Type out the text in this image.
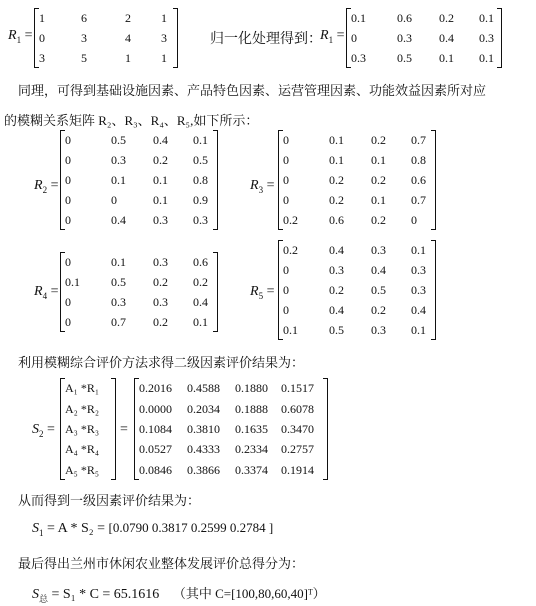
$R_1$ =
1	6	2	1
0	3	4	3
3	5	1	1
归一化处理得到：
$R_1$ =
0.1	0.6 0.2 0.1
0	0.3 0.4 0.3
0.3	0.5 0.1 0.1
同理，可得到基础设施因素、产品特色因素、运营管理因素、功能效益因素所对应
的模糊关系矩阵 R₂、R₃、R₄、R₅,如下所示：
$R_2$ =
0	0.5 0.4 0.1
0	0.3 0.2 0.5
0	0.1 0.1 0.8
0	0	0.1 0.9
0	0.4 0.3 0.3
$R_3$ =
0	0.1 0.2 0.7
0	0.1 0.1 0.8
0	0.2 0.2 0.6
0	0.2 0.1 0.7
0.2	0.6 0.2 0
$R_4$ =
0	0.1 0.3 0.6
0.1	0.5 0.2 0.2
0	0.3 0.3 0.4
0	0.7 0.2 0.1
$R_5$ =
0.2	0.4 0.3 0.1
0	0.3 0.4 0.3
0	0.2 0.5 0.3
0	0.4 0.2 0.4
0.1	0.5 0.3 0.1
利用模糊综合评价方法求得二级因素评价结果为：
$S_2$ =
A₁ *R₁
A₂ *R₂
A₃ *R₃
A₄ *R₄
A₅ *R₅
=
0.2016 0.4588 0.1880 0.1517
0.0000 0.2034 0.1888 0.6078
0.1084 0.3810 0.1635 0.3470
0.0527 0.4333 0.2334 0.2757
0.0846 0.3866 0.3374 0.1914
从而得到一级因素评价结果为：
$S_1 = A * S_2 = [0.0790$ 0.3817 0.2599 0.2784 ]
最后得出兰州市休闲农业整体发展评价总得分为：
$S_总 = S_1 * C = 65.1616$ （其中 C=[100,80,60,40]ᵀ）
